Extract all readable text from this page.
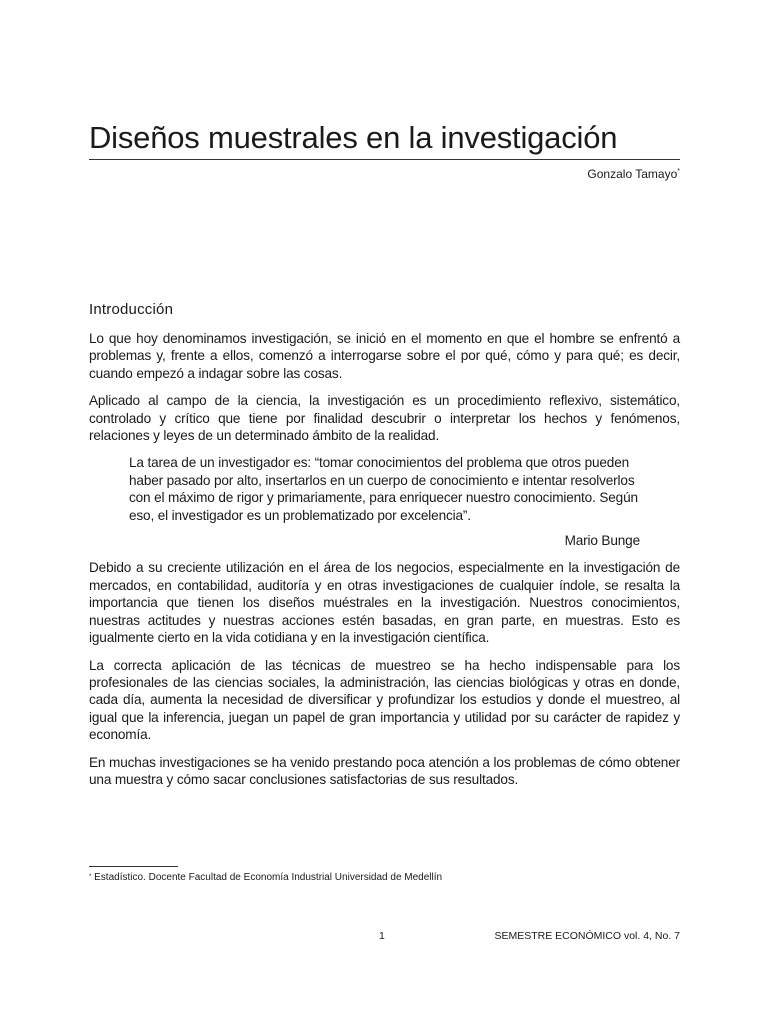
Diseños muestrales en la investigación
Gonzalo Tamayo*
Introducción

Lo que hoy denominamos investigación, se inició en el momento en que el hombre se enfrentó a problemas y, frente a ellos, comenzó a interrogarse sobre el por qué, cómo y para qué; es decir, cuando empezó a indagar sobre las cosas.

Aplicado al campo de la ciencia, la investigación es un procedimiento reflexivo, sistemático, controlado y crítico que tiene por finalidad descubrir o interpretar los hechos y fenómenos, relaciones y leyes de un determinado ámbito de la realidad.

La tarea de un investigador es: “tomar conocimientos del problema que otros pueden haber pasado por alto, insertarlos en un cuerpo de conocimiento e intentar resolverlos con el máximo de rigor y primariamente, para enriquecer nuestro conocimiento. Según eso, el investigador es un problematizado por excelencia”.

Mario Bunge

Debido a su creciente utilización en el área de los negocios, especialmente en la investigación de mercados, en contabilidad, auditoría y en otras investigaciones de cualquier índole, se resalta la importancia que tienen los diseños muéstrales en la investigación. Nuestros conocimientos, nuestras actitudes y nuestras acciones estén basadas, en gran parte, en muestras. Esto es igualmente cierto en la vida cotidiana y en la investigación científica.

La correcta aplicación de las técnicas de muestreo se ha hecho indispensable para los profesionales de las ciencias sociales, la administración, las ciencias biológicas y otras en donde, cada día, aumenta la necesidad de diversificar y profundizar los estudios y donde el muestreo, al igual que la inferencia, juegan un papel de gran importancia y utilidad por su carácter de rapidez y economía.

En muchas investigaciones se ha venido prestando poca atención a los problemas de cómo obtener una muestra y cómo sacar conclusiones satisfactorias de sus resultados.

* Estadístico. Docente Facultad de Economía Industrial Universidad de Medellín
1	SEMESTRE ECONÓMICO vol. 4, No. 7
